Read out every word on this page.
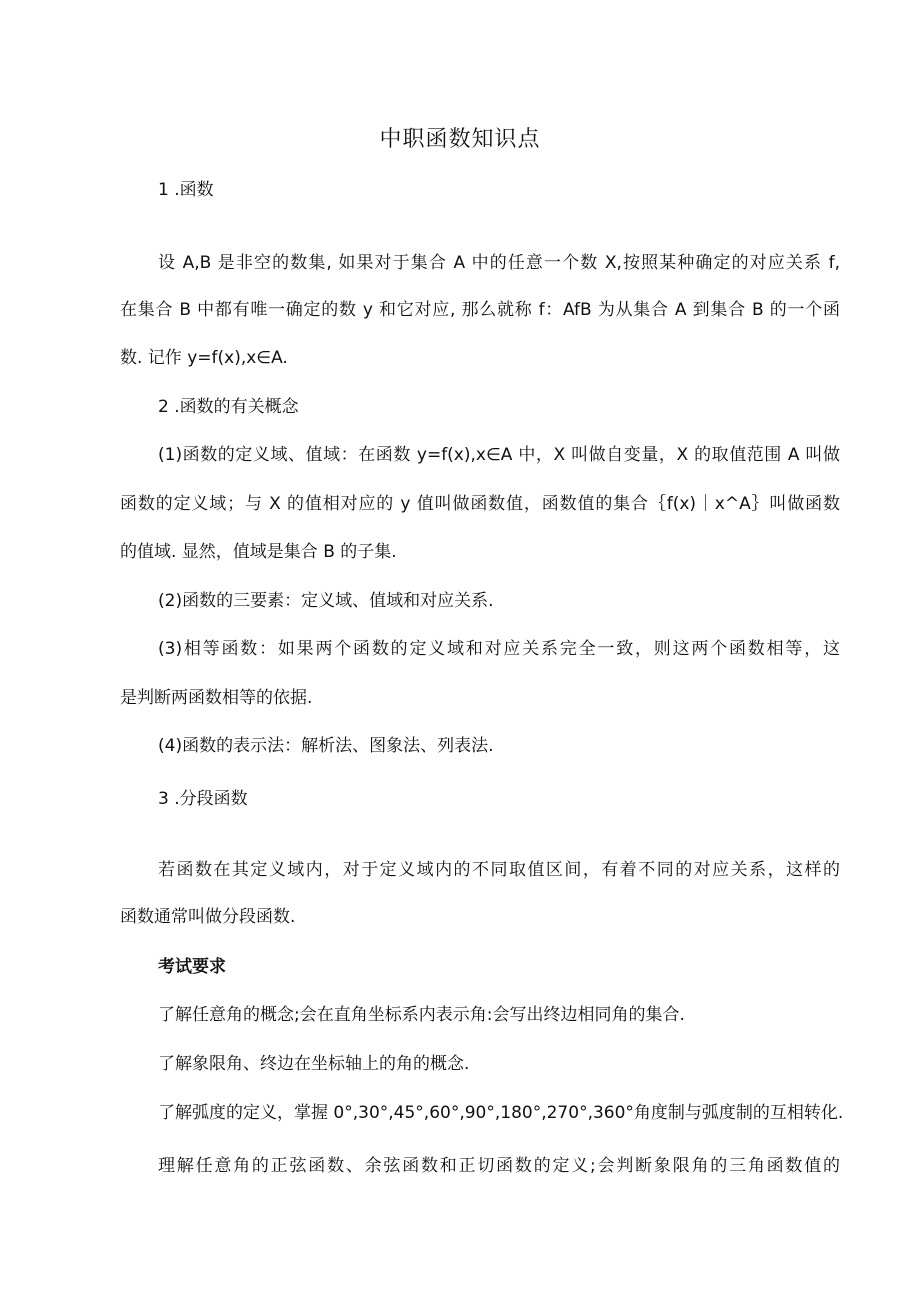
中职函数知识点
1 .函数
设 A,B 是非空的数集, 如果对于集合 A 中的任意一个数 X,按照某种确定的对应关系 f,
在集合 B 中都有唯一确定的数 y 和它对应, 那么就称 f：AfB 为从集合 A 到集合 B 的一个函
数. 记作 y=f(x),x∈A.
2 .函数的有关概念
(1)函数的定义域、值域：在函数 y=f(x),x∈A 中，X 叫做自变量，X 的取值范围 A 叫做
函数的定义域；与 X 的值相对应的 y 值叫做函数值，函数值的集合｛f(x)｜x^A｝叫做函数
的值域. 显然，值域是集合 B 的子集.
(2)函数的三要素：定义域、值域和对应关系.
(3)相等函数：如果两个函数的定义域和对应关系完全一致，则这两个函数相等，这
是判断两函数相等的依据.
(4)函数的表示法：解析法、图象法、列表法.
3 .分段函数
若函数在其定义域内，对于定义域内的不同取值区间，有着不同的对应关系，这样的
函数通常叫做分段函数.
考试要求
了解任意角的概念;会在直角坐标系内表示角:会写出终边相同角的集合.
了解象限角、终边在坐标轴上的角的概念.
了解弧度的定义，掌握 0°,30°,45°,60°,90°,180°,270°,360°角度制与弧度制的互相转化.
理解任意角的正弦函数、余弦函数和正切函数的定义;会判断象限角的三角函数值的
